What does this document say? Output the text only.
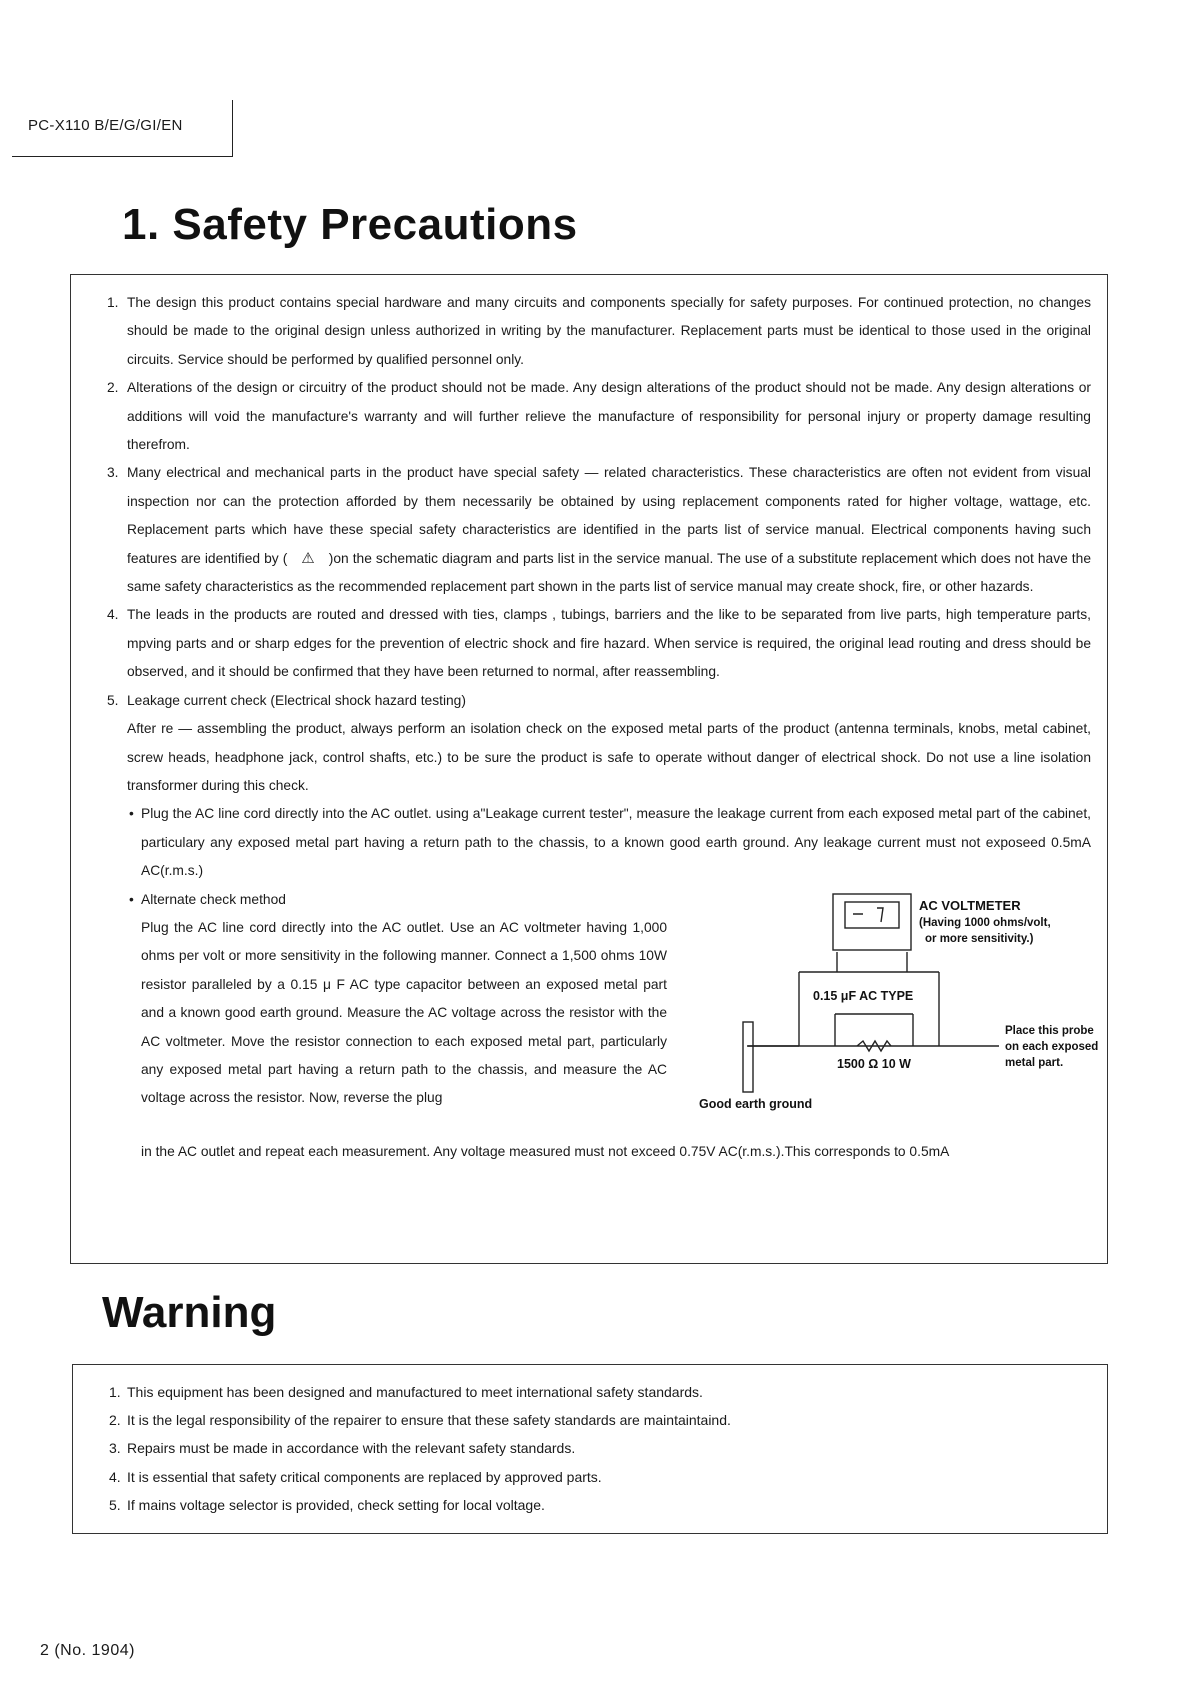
PC-X110 B/E/G/GI/EN
1. Safety Precautions
1. The design this product contains special hardware and many circuits and components specially for safety purposes. For continued protection, no changes should be made to the original design unless authorized in writing by the manufacturer. Replacement parts must be identical to those used in the original circuits. Service should be performed by qualified personnel only.
2. Alterations of the design or circuitry of the product should not be made. Any design alterations of the product should not be made. Any design alterations or additions will void the manufacture's warranty and will further relieve the manufacture of responsibility for personal injury or property damage resulting therefrom.
3. Many electrical and mechanical parts in the product have special safety — related characteristics. These characteristics are often not evident from visual inspection nor can the protection afforded by them necessarily be obtained by using replacement components rated for higher voltage, wattage, etc. Replacement parts which have these special safety characteristics are identified in the parts list of service manual. Electrical components having such features are identified by ( ⚠ )on the schematic diagram and parts list in the service manual. The use of a substitute replacement which does not have the same safety characteristics as the recommended replacement part shown in the parts list of service manual may create shock, fire, or other hazards.
4. The leads in the products are routed and dressed with ties, clamps , tubings, barriers and the like to be separated from live parts, high temperature parts, mpving parts and or sharp edges for the prevention of electric shock and fire hazard. When service is required, the original lead routing and dress should be observed, and it should be confirmed that they have been returned to normal, after reassembling.
5. Leakage current check (Electrical shock hazard testing)
After re — assembling the product, always perform an isolation check on the exposed metal parts of the product (antenna terminals, knobs, metal cabinet, screw heads, headphone jack, control shafts, etc.) to be sure the product is safe to operate without danger of electrical shock. Do not use a line isolation transformer during this check.
• Plug the AC line cord directly into the AC outlet. using a"Leakage current tester", measure the leakage current from each exposed metal part of the cabinet, particulary any exposed metal part having a return path to the chassis, to a known good earth ground. Any leakage current must not exposeed 0.5mA AC(r.m.s.)
• Alternate check method
Plug the AC line cord directly into the AC outlet. Use an AC voltmeter having 1,000 ohms per volt or more sensitivity in the following manner. Connect a 1,500 ohms 10W resistor paralleled by a 0.15 μ F AC type capacitor between an exposed metal part and a known good earth ground. Measure the AC voltage across the resistor with the AC voltmeter. Move the resistor connection to each exposed metal part, particularly any exposed metal part having a return path to the chassis, and measure the AC voltage across the resistor. Now, reverse the plug
AC VOLTMETER
(Having 1000 ohms/volt,
or more sensitivity.)
0.15 μF AC TYPE
1500 Ω 10 W
Place this probe
on each exposed
metal part.
Good earth ground
in the AC outlet and repeat each measurement. Any voltage measured must not exceed 0.75V AC(r.m.s.).This corresponds to 0.5mA
Warning
1. This equipment has been designed and manufactured to meet international safety standards.
2. It is the legal responsibility of the repairer to ensure that these safety standards are maintaintaind.
3. Repairs must be made in accordance with the relevant safety standards.
4. It is essential that safety critical components are replaced by approved parts.
5. If mains voltage selector is provided, check setting for local voltage.
2 (No. 1904)
